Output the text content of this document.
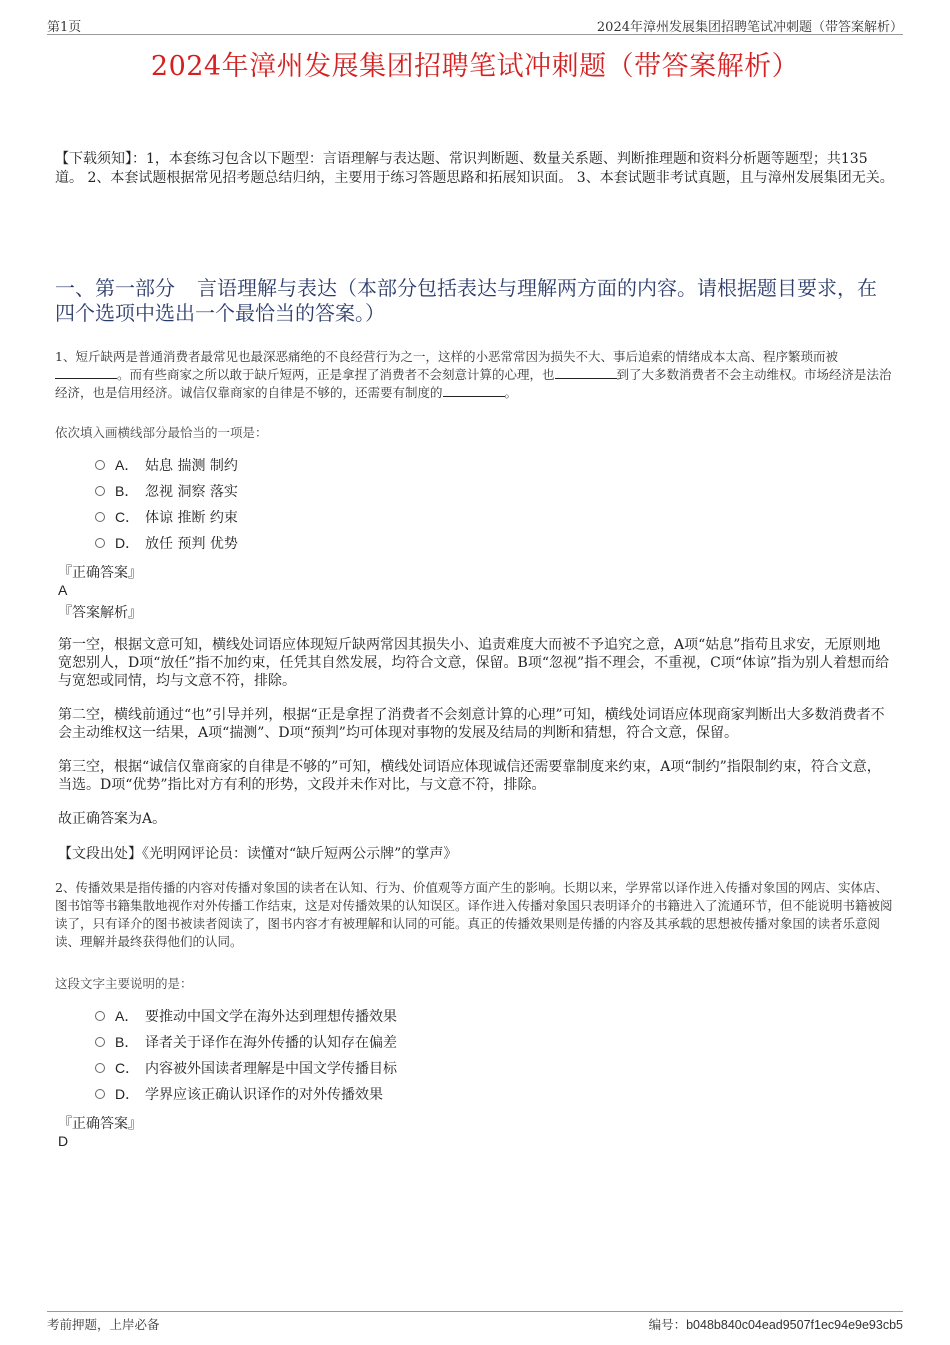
第1页	2024年漳州发展集团招聘笔试冲刺题（带答案解析）
2024年漳州发展集团招聘笔试冲刺题（带答案解析）
【下载须知】：1，本套练习包含以下题型：言语理解与表达题、常识判断题、数量关系题、判断推理题和资料分析题等题型；共135道。 2、本套试题根据常见招考题总结归纳，主要用于练习答题思路和拓展知识面。 3、本套试题非考试真题，且与漳州发展集团无关。
一、第一部分 言语理解与表达（本部分包括表达与理解两方面的内容。请根据题目要求，在四个选项中选出一个最恰当的答案。）
1、短斤缺两是普通消费者最常见也最深恶痛绝的不良经营行为之一，这样的小恶常常因为损失不大、事后追索的情绪成本太高、程序繁琐而被。而有些商家之所以敢于缺斤短两，正是拿捏了消费者不会刻意计算的心理，也	到了大多数消费者不会主动维权。市场经济是法治经济，也是信用经济。诚信仅靠商家的自律是不够的，还需要有制度的	。
依次填入画横线部分最恰当的一项是：
A． 姑息 揣测 制约
B． 忽视 洞察 落实
C． 体谅 推断 约束
D． 放任 预判 优势
『正确答案』
A
『答案解析』
第一空，根据文意可知，横线处词语应体现短斤缺两常因其损失小、追责难度大而被不予追究之意，A项“姑息”指苟且求安，无原则地宽恕别人，D项“放任”指不加约束，任凭其自然发展，均符合文意，保留。B项“忽视”指不理会，不重视，C项“体谅”指为别人着想而给与宽恕或同情，均与文意不符，排除。
第二空，横线前通过“也”引导并列，根据“正是拿捏了消费者不会刻意计算的心理”可知，横线处词语应体现商家判断出大多数消费者不会主动维权这一结果，A项“揣测”、D项“预判”均可体现对事物的发展及结局的判断和猜想，符合文意，保留。
第三空，根据“诚信仅靠商家的自律是不够的”可知，横线处词语应体现诚信还需要靠制度来约束，A项“制约”指限制约束，符合文意，当选。D项“优势”指比对方有利的形势，文段并未作对比，与文意不符，排除。
故正确答案为A。
【文段出处】《光明网评论员：读懂对“缺斤短两公示牌”的掌声》
2、传播效果是指传播的内容对传播对象国的读者在认知、行为、价值观等方面产生的影响。长期以来，学界常以译作进入传播对象国的网店、实体店、图书馆等书籍集散地视作对外传播工作结束，这是对传播效果的认知误区。译作进入传播对象国只表明译介的书籍进入了流通环节，但不能说明书籍被阅读了，只有译介的图书被读者阅读了，图书内容才有被理解和认同的可能。真正的传播效果则是传播的内容及其承载的思想被传播对象国的读者乐意阅读、理解并最终获得他们的认同。
这段文字主要说明的是：
A． 要推动中国文学在海外达到理想传播效果
B． 译者关于译作在海外传播的认知存在偏差
C． 内容被外国读者理解是中国文学传播目标
D． 学界应该正确认识译作的对外传播效果
『正确答案』
D
考前押题，上岸必备	编号：b048b840c04ead9507f1ec94e9e93cb5
